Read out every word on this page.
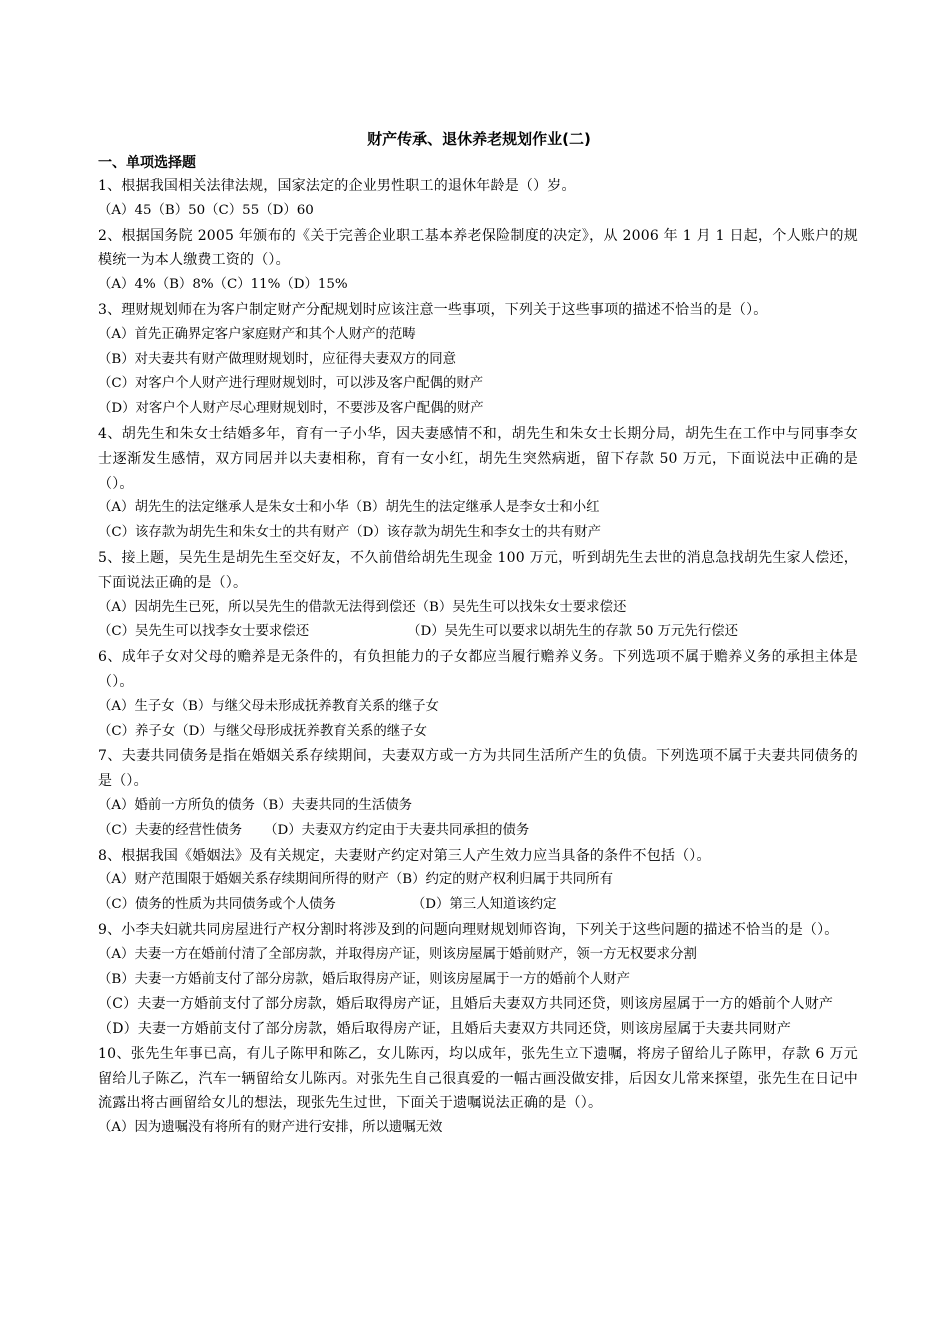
财产传承、退休养老规划作业(二)
一、单项选择题
1、根据我国相关法律法规，国家法定的企业男性职工的退休年龄是（）岁。
（A）45（B）50（C）55（D）60
2、根据国务院 2005 年颁布的《关于完善企业职工基本养老保险制度的决定》，从 2006 年 1 月 1 日起，个人账户的规模统一为本人缴费工资的（）。
（A）4%（B）8%（C）11%（D）15%
3、理财规划师在为客户制定财产分配规划时应该注意一些事项，下列关于这些事项的描述不恰当的是（）。
（A）首先正确界定客户家庭财产和其个人财产的范畴
（B）对夫妻共有财产做理财规划时，应征得夫妻双方的同意
（C）对客户个人财产进行理财规划时，可以涉及客户配偶的财产
（D）对客户个人财产尽心理财规划时，不要涉及客户配偶的财产
4、胡先生和朱女士结婚多年，育有一子小华，因夫妻感情不和，胡先生和朱女士长期分局，胡先生在工作中与同事李女士逐渐发生感情，双方同居并以夫妻相称，育有一女小红，胡先生突然病逝，留下存款 50 万元，下面说法中正确的是（）。
（A）胡先生的法定继承人是朱女士和小华（B）胡先生的法定继承人是李女士和小红
（C）该存款为胡先生和朱女士的共有财产（D）该存款为胡先生和李女士的共有财产
5、接上题，吴先生是胡先生至交好友，不久前借给胡先生现金 100 万元，听到胡先生去世的消息急找胡先生家人偿还，下面说法正确的是（）。
（A）因胡先生已死，所以吴先生的借款无法得到偿还（B）吴先生可以找朱女士要求偿还
（C）吴先生可以找李女士要求偿还	（D）吴先生可以要求以胡先生的存款 50 万元先行偿还
6、成年子女对父母的赡养是无条件的，有负担能力的子女都应当履行赡养义务。下列选项不属于赡养义务的承担主体是（）。
（A）生子女（B）与继父母未形成抚养教育关系的继子女
（C）养子女（D）与继父母形成抚养教育关系的继子女
7、夫妻共同债务是指在婚姻关系存续期间，夫妻双方或一方为共同生活所产生的负债。下列选项不属于夫妻共同债务的是（）。
（A）婚前一方所负的债务（B）夫妻共同的生活债务
（C）夫妻的经营性债务 （D）夫妻双方约定由于夫妻共同承担的债务
8、根据我国《婚姻法》及有关规定，夫妻财产约定对第三人产生效力应当具备的条件不包括（）。
（A）财产范围限于婚姻关系存续期间所得的财产（B）约定的财产权利归属于共同所有
（C）债务的性质为共同债务或个人债务	（D）第三人知道该约定
9、小李夫妇就共同房屋进行产权分割时将涉及到的问题向理财规划师咨询，下列关于这些问题的描述不恰当的是（）。
（A）夫妻一方在婚前付清了全部房款，并取得房产证，则该房屋属于婚前财产，领一方无权要求分割
（B）夫妻一方婚前支付了部分房款，婚后取得房产证，则该房屋属于一方的婚前个人财产
（C）夫妻一方婚前支付了部分房款，婚后取得房产证，且婚后夫妻双方共同还贷，则该房屋属于一方的婚前个人财产
（D）夫妻一方婚前支付了部分房款，婚后取得房产证，且婚后夫妻双方共同还贷，则该房屋属于夫妻共同财产
10、张先生年事已高，有儿子陈甲和陈乙，女儿陈丙，均以成年，张先生立下遗嘱，将房子留给儿子陈甲，存款 6 万元留给儿子陈乙，汽车一辆留给女儿陈丙。对张先生自己很真爱的一幅古画没做安排，后因女儿常来探望，张先生在日记中流露出将古画留给女儿的想法，现张先生过世，下面关于遗嘱说法正确的是（）。
（A）因为遗嘱没有将所有的财产进行安排，所以遗嘱无效
